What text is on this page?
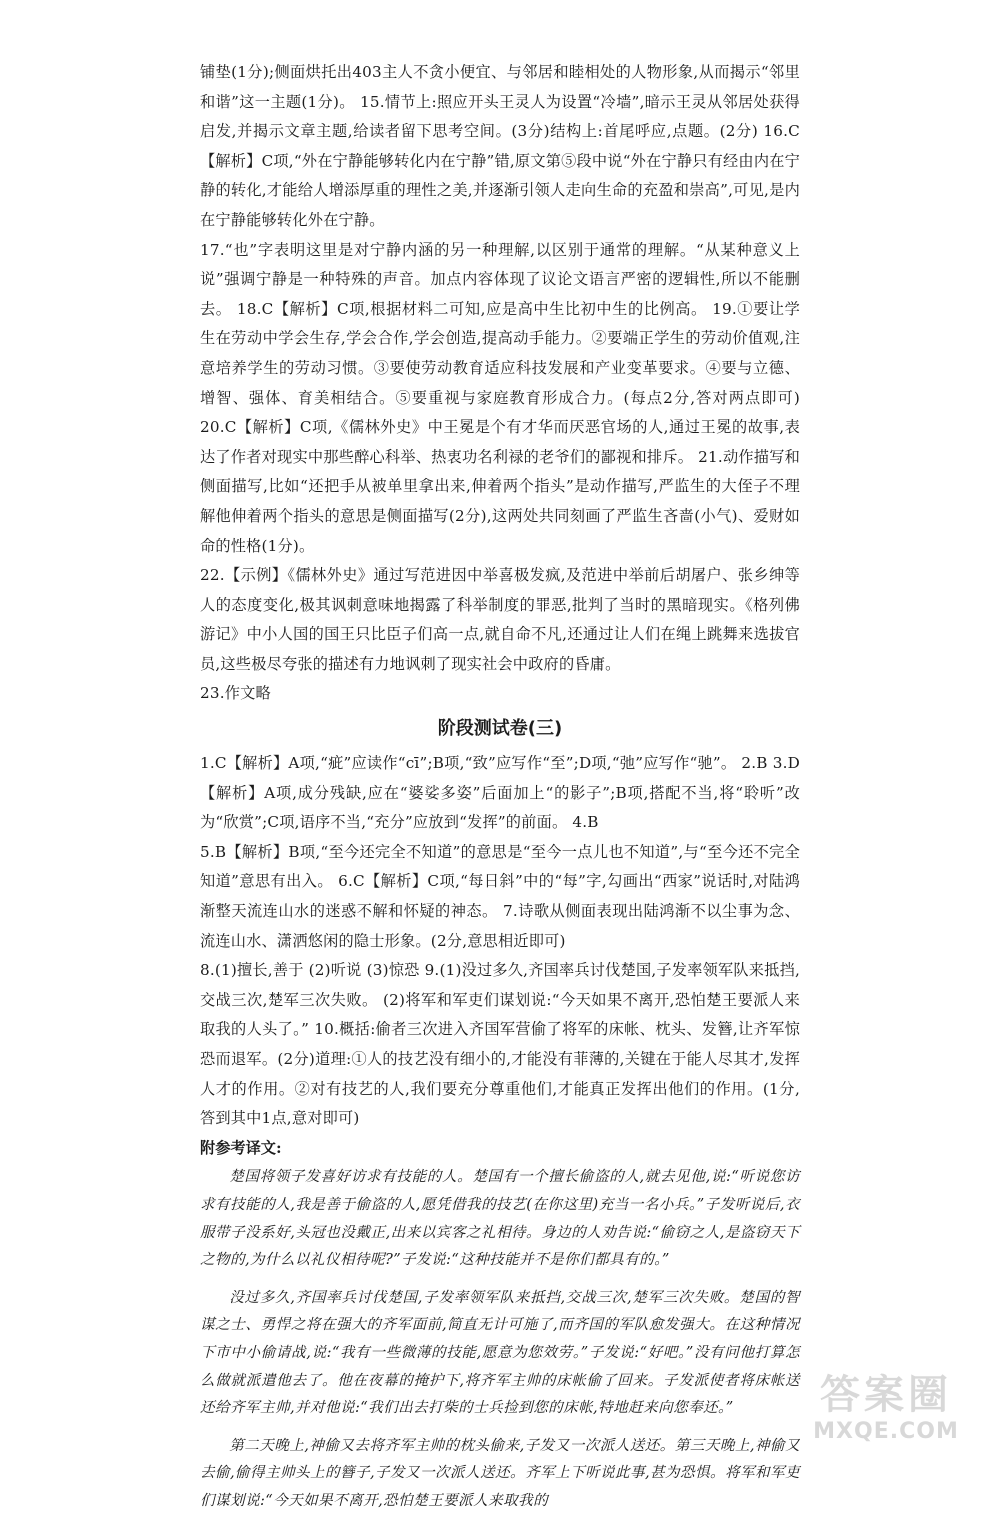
铺垫(1分);侧面烘托出403主人不贪小便宜、与邻居和睦相处的人物形象,从而揭示“邻里和谐”这一主题(1分)。 15.情节上:照应开头王灵人为设置“冷墙”,暗示王灵从邻居处获得启发,并揭示文章主题,给读者留下思考空间。(3分)结构上:首尾呼应,点题。(2分) 16.C【解析】C项,“外在宁静能够转化内在宁静”错,原文第⑤段中说“外在宁静只有经由内在宁静的转化,才能给人增添厚重的理性之美,并逐渐引领人走向生命的充盈和崇高”,可见,是内在宁静能够转化外在宁静。

17.“也”字表明这里是对宁静内涵的另一种理解,以区别于通常的理解。“从某种意义上说”强调宁静是一种特殊的声音。加点内容体现了议论文语言严密的逻辑性,所以不能删去。 18.C【解析】C项,根据材料二可知,应是高中生比初中生的比例高。 19.①要让学生在劳动中学会生存,学会合作,学会创造,提高动手能力。②要端正学生的劳动价值观,注意培养学生的劳动习惯。③要使劳动教育适应科技发展和产业变革要求。④要与立德、增智、强体、育美相结合。⑤要重视与家庭教育形成合力。(每点2分,答对两点即可) 20.C【解析】C项,《儒林外史》中王冕是个有才华而厌恶官场的人,通过王冕的故事,表达了作者对现实中那些醉心科举、热衷功名利禄的老爷们的鄙视和排斥。 21.动作描写和侧面描写,比如“还把手从被单里拿出来,伸着两个指头”是动作描写,严监生的大侄子不理解他伸着两个指头的意思是侧面描写(2分),这两处共同刻画了严监生吝啬(小气)、爱财如命的性格(1分)。

22.【示例】《儒林外史》通过写范进因中举喜极发疯,及范进中举前后胡屠户、张乡绅等人的态度变化,极其讽刺意味地揭露了科举制度的罪恶,批判了当时的黑暗现实。《格列佛游记》中小人国的国王只比臣子们高一点,就自命不凡,还通过让人们在绳上跳舞来选拔官员,这些极尽夸张的描述有力地讽刺了现实社会中政府的昏庸。

23.作文略

阶段测试卷(三)

1.C【解析】A项,“疵”应读作“cī”;B项,“致”应写作“至”;D项,“弛”应写作“驰”。 2.B 3.D【解析】A项,成分残缺,应在“婆娑多姿”后面加上“的影子”;B项,搭配不当,将“聆听”改为“欣赏”;C项,语序不当,“充分”应放到“发挥”的前面。 4.B

5.B【解析】B项,“至今还完全不知道”的意思是“至今一点儿也不知道”,与“至今还不完全知道”意思有出入。 6.C【解析】C项,“每日斜”中的“每”字,勾画出“西家”说话时,对陆鸿渐整天流连山水的迷惑不解和怀疑的神态。 7.诗歌从侧面表现出陆鸿渐不以尘事为念、流连山水、潇洒悠闲的隐士形象。(2分,意思相近即可)

8.(1)擅长,善于 (2)听说 (3)惊恐 9.(1)没过多久,齐国率兵讨伐楚国,子发率领军队来抵挡,交战三次,楚军三次失败。 (2)将军和军吏们谋划说:“今天如果不离开,恐怕楚王要派人来取我的人头了。” 10.概括:偷者三次进入齐国军营偷了将军的床帐、枕头、发簪,让齐军惊恐而退军。(2分)道理:①人的技艺没有细小的,才能没有菲薄的,关键在于能人尽其才,发挥人才的作用。②对有技艺的人,我们要充分尊重他们,才能真正发挥出他们的作用。(1分,答到其中1点,意对即可)

附参考译文:

楚国将领子发喜好访求有技能的人。楚国有一个擅长偷盗的人,就去见他,说:“听说您访求有技能的人,我是善于偷盗的人,愿凭借我的技艺(在你这里)充当一名小兵。”子发听说后,衣服带子没系好,头冠也没戴正,出来以宾客之礼相待。身边的人劝告说:“偷窃之人,是盗窃天下之物的,为什么以礼仪相待呢?”子发说:“这种技能并不是你们都具有的。”

没过多久,齐国率兵讨伐楚国,子发率领军队来抵挡,交战三次,楚军三次失败。楚国的智谋之士、勇悍之将在强大的齐军面前,简直无计可施了,而齐国的军队愈发强大。在这种情况下市中小偷请战,说:“我有一些微薄的技能,愿意为您效劳。”子发说:“好吧。”没有问他打算怎么做就派遣他去了。他在夜幕的掩护下,将齐军主帅的床帐偷了回来。子发派使者将床帐送还给齐军主帅,并对他说:“我们出去打柴的士兵捡到您的床帐,特地赶来向您奉还。”

第二天晚上,神偷又去将齐军主帅的枕头偷来,子发又一次派人送还。第三天晚上,神偷又去偷,偷得主帅头上的簪子,子发又一次派人送还。齐军上下听说此事,甚为恐惧。将军和军吏们谋划说:“今天如果不离开,恐怕楚王要派人来取我的

答案圈
MXQE.COM
